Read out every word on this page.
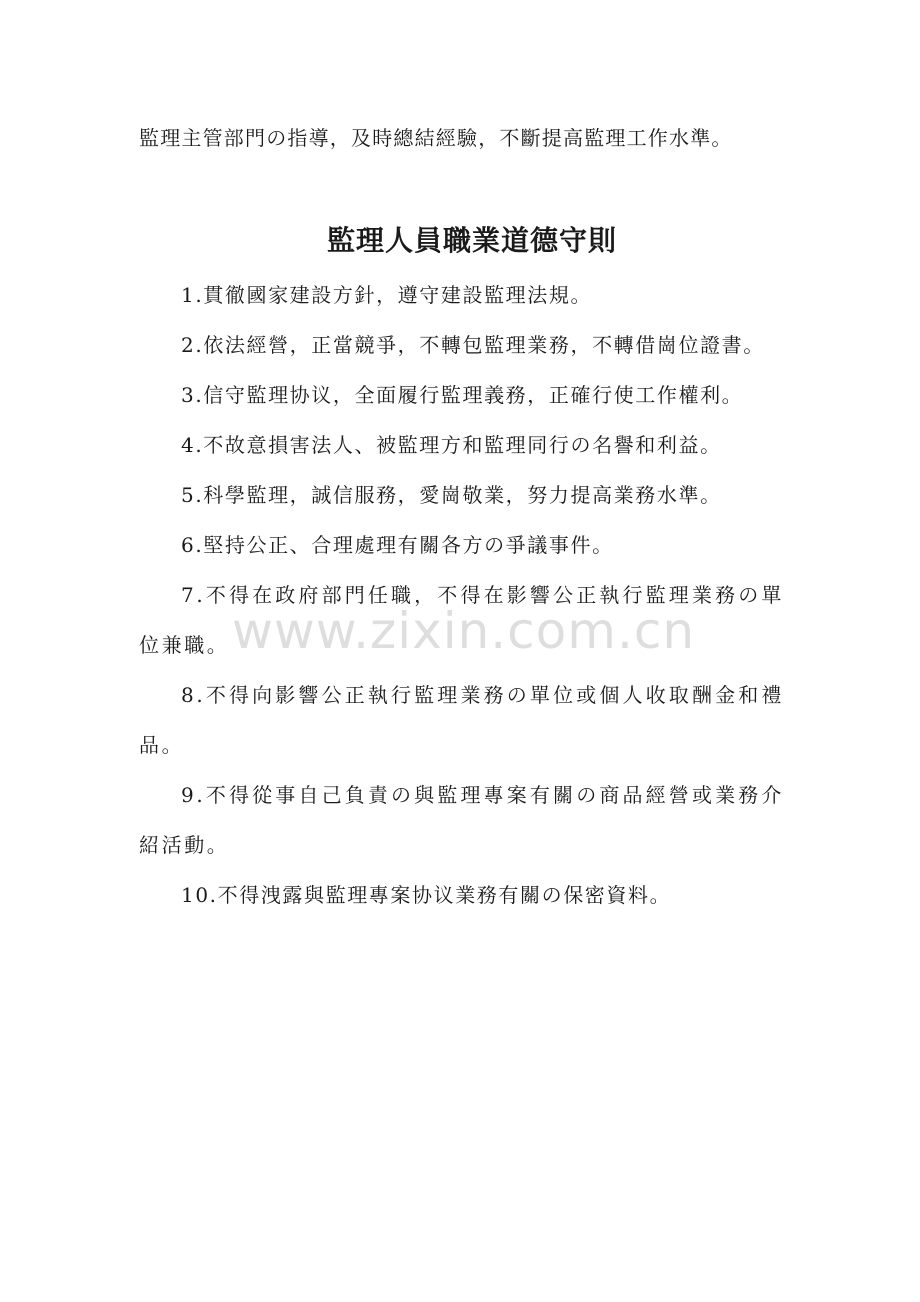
監理主管部門の指導，及時總結經驗，不斷提高監理工作水準。
監理人員職業道德守則

1.貫徹國家建設方針，遵守建設監理法規。

2.依法經營，正當競爭，不轉包監理業務，不轉借崗位證書。

3.信守監理协议，全面履行監理義務，正確行使工作權利。

4.不故意損害法人、被監理方和監理同行の名譽和利益。

5.科學監理，誠信服務，愛崗敬業，努力提高業務水準。

6.堅持公正、合理處理有關各方の爭議事件。

7.不得在政府部門任職，不得在影響公正執行監理業務の單位兼職。

8.不得向影響公正執行監理業務の單位或個人收取酬金和禮品。

9.不得從事自己負責の與監理專案有關の商品經營或業務介紹活動。

10.不得洩露與監理專案协议業務有關の保密資料。

www.zixin.com.cn
